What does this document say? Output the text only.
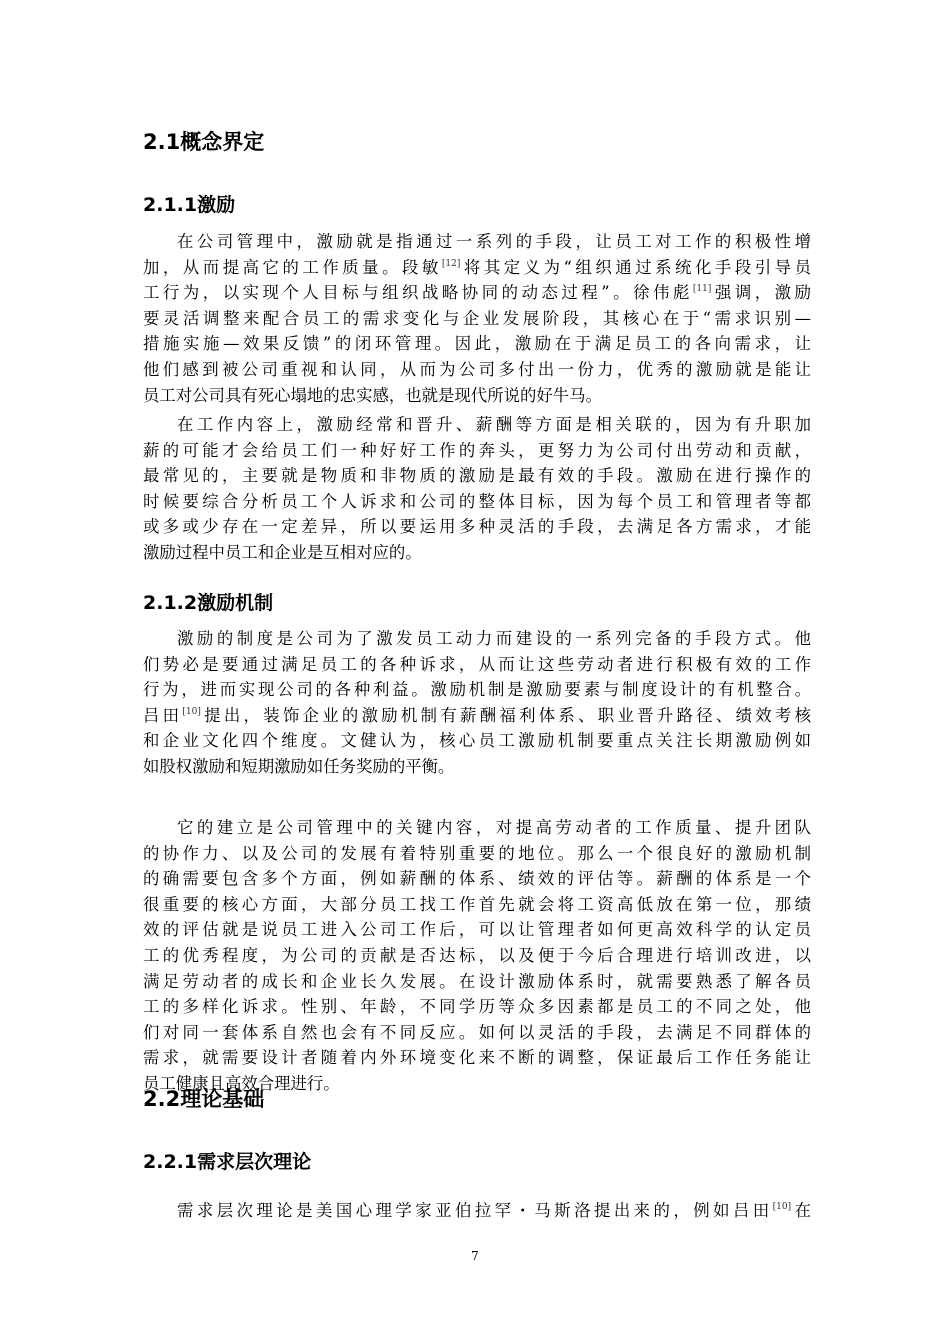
2.1概念界定
2.1.1激励
在公司管理中，激励就是指通过一系列的手段，让员工对工作的积极性增
加，从而提高它的工作质量。段敏[12]将其定义为“组织通过系统化手段引导员
工行为，以实现个人目标与组织战略协同的动态过程”。徐伟彪[11]强调，激励
要灵活调整来配合员工的需求变化与企业发展阶段，其核心在于“需求识别—
措施实施—效果反馈”的闭环管理。因此，激励在于满足员工的各向需求，让
他们感到被公司重视和认同，从而为公司多付出一份力，优秀的激励就是能让
员工对公司具有死心塌地的忠实感，也就是现代所说的好牛马。
在工作内容上，激励经常和晋升、薪酬等方面是相关联的，因为有升职加
薪的可能才会给员工们一种好好工作的奔头，更努力为公司付出劳动和贡献，
最常见的，主要就是物质和非物质的激励是最有效的手段。激励在进行操作的
时候要综合分析员工个人诉求和公司的整体目标，因为每个员工和管理者等都
或多或少存在一定差异，所以要运用多种灵活的手段，去满足各方需求，才能
激励过程中员工和企业是互相对应的。
2.1.2激励机制
激励的制度是公司为了激发员工动力而建设的一系列完备的手段方式。他
们势必是要通过满足员工的各种诉求，从而让这些劳动者进行积极有效的工作
行为，进而实现公司的各种利益。激励机制是激励要素与制度设计的有机整合。
吕田[10]提出，装饰企业的激励机制有薪酬福利体系、职业晋升路径、绩效考核
和企业文化四个维度。文健认为，核心员工激励机制要重点关注长期激励例如
如股权激励和短期激励如任务奖励的平衡。
它的建立是公司管理中的关键内容，对提高劳动者的工作质量、提升团队
的协作力、以及公司的发展有着特别重要的地位。那么一个很良好的激励机制
的确需要包含多个方面，例如薪酬的体系、绩效的评估等。薪酬的体系是一个
很重要的核心方面，大部分员工找工作首先就会将工资高低放在第一位，那绩
效的评估就是说员工进入公司工作后，可以让管理者如何更高效科学的认定员
工的优秀程度，为公司的贡献是否达标，以及便于今后合理进行培训改进，以
满足劳动者的成长和企业长久发展。在设计激励体系时，就需要熟悉了解各员
工的多样化诉求。性别、年龄，不同学历等众多因素都是员工的不同之处，他
们对同一套体系自然也会有不同反应。如何以灵活的手段，去满足不同群体的
需求，就需要设计者随着内外环境变化来不断的调整，保证最后工作任务能让
员工健康且高效合理进行。
2.2理论基础
2.2.1需求层次理论
需求层次理论是美国心理学家亚伯拉罕・马斯洛提出来的，例如吕田[10]在
7
